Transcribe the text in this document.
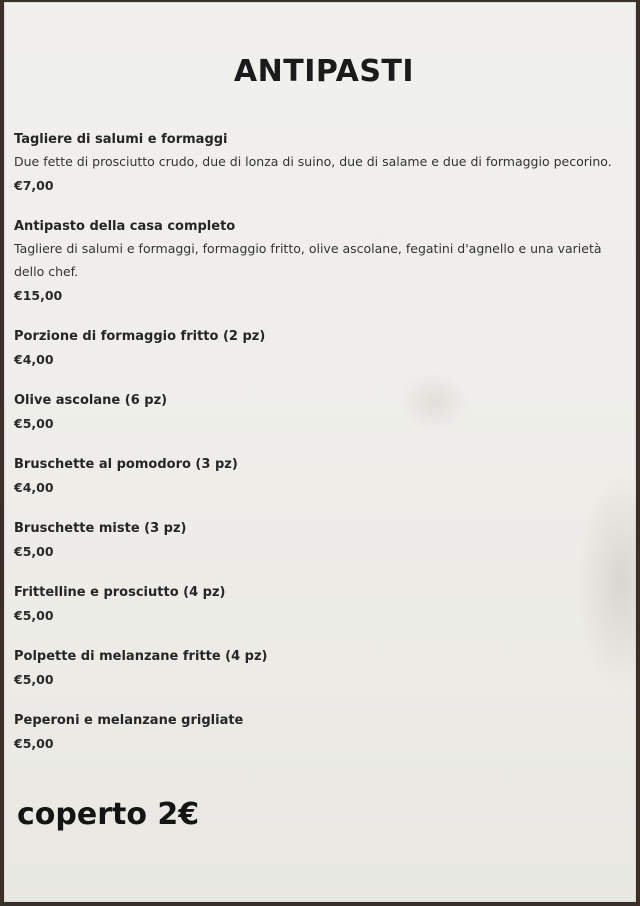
ANTIPASTI
Tagliere di salumi e formaggi
Due fette di prosciutto crudo, due di lonza di suino, due di salame e due di formaggio pecorino.
€7,00
Antipasto della casa completo
Tagliere di salumi e formaggi, formaggio fritto, olive ascolane, fegatini d'agnello e una varietà dello chef.
€15,00
Porzione di formaggio fritto (2 pz)
€4,00
Olive ascolane (6 pz)
€5,00
Bruschette al pomodoro (3 pz)
€4,00
Bruschette miste (3 pz)
€5,00
Frittelline e prosciutto (4 pz)
€5,00
Polpette di melanzane fritte (4 pz)
€5,00
Peperoni e melanzane grigliate
€5,00
coperto 2€
